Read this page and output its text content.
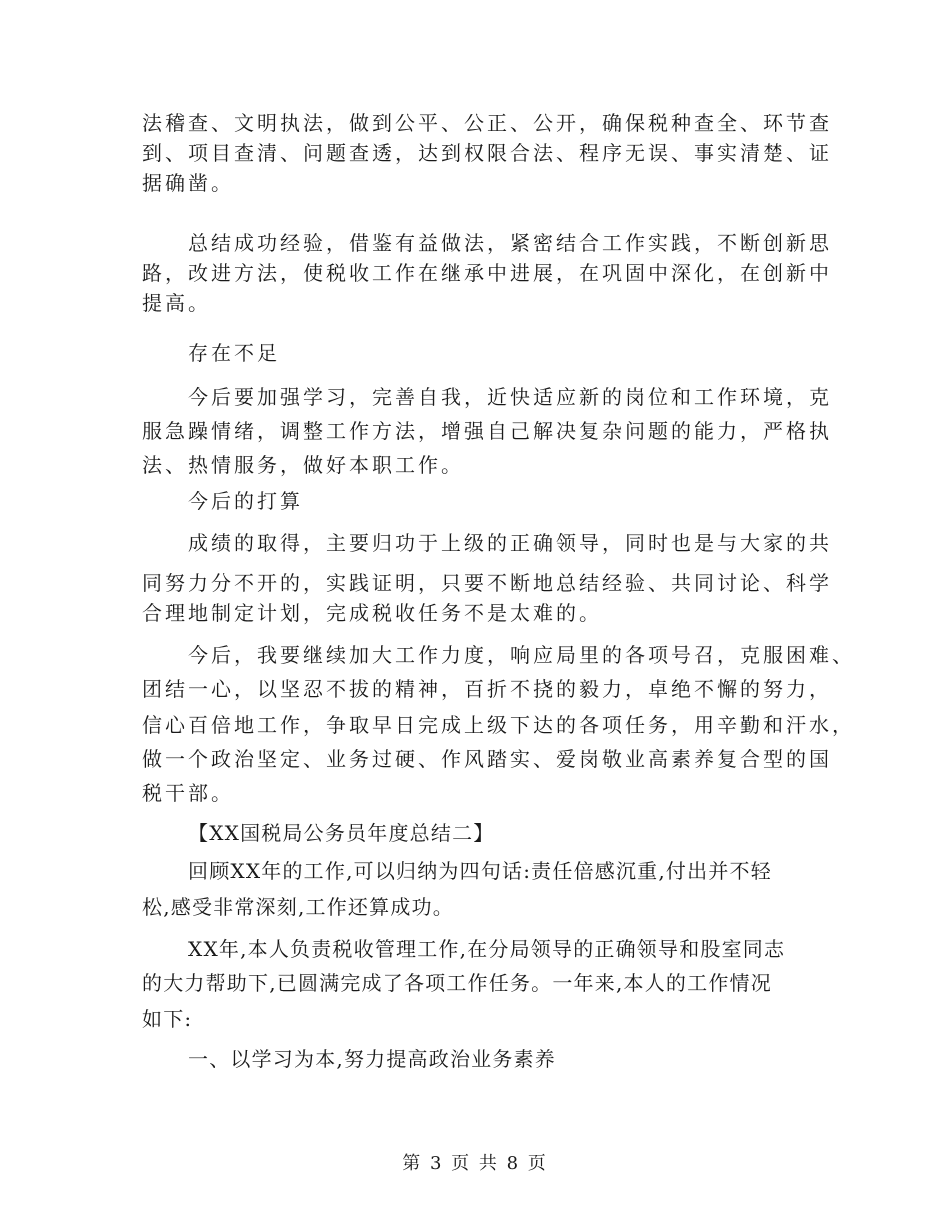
法稽查、文明执法，做到公平、公正、公开，确保税种查全、环节查
到、项目查清、问题查透，达到权限合法、程序无误、事实清楚、证
据确凿。
总结成功经验，借鉴有益做法，紧密结合工作实践，不断创新思
路，改进方法，使税收工作在继承中进展，在巩固中深化，在创新中
提高。
存在不足
今后要加强学习，完善自我，近快适应新的岗位和工作环境，克
服急躁情绪，调整工作方法，增强自己解决复杂问题的能力，严格执
法、热情服务，做好本职工作。
今后的打算
成绩的取得，主要归功于上级的正确领导，同时也是与大家的共
同努力分不开的，实践证明，只要不断地总结经验、共同讨论、科学
合理地制定计划，完成税收任务不是太难的。
今后，我要继续加大工作力度，响应局里的各项号召，克服困难、
团结一心，以坚忍不拔的精神，百折不挠的毅力，卓绝不懈的努力，
信心百倍地工作，争取早日完成上级下达的各项任务，用辛勤和汗水，
做一个政治坚定、业务过硬、作风踏实、爱岗敬业高素养复合型的国
税干部。
【XX国税局公务员年度总结二】
回顾XX年的工作,可以归纳为四句话:责任倍感沉重,付出并不轻
松,感受非常深刻,工作还算成功。
XX年,本人负责税收管理工作,在分局领导的正确领导和股室同志
的大力帮助下,已圆满完成了各项工作任务。一年来,本人的工作情况
如下:
一、以学习为本,努力提高政治业务素养
第 3 页 共 8 页
